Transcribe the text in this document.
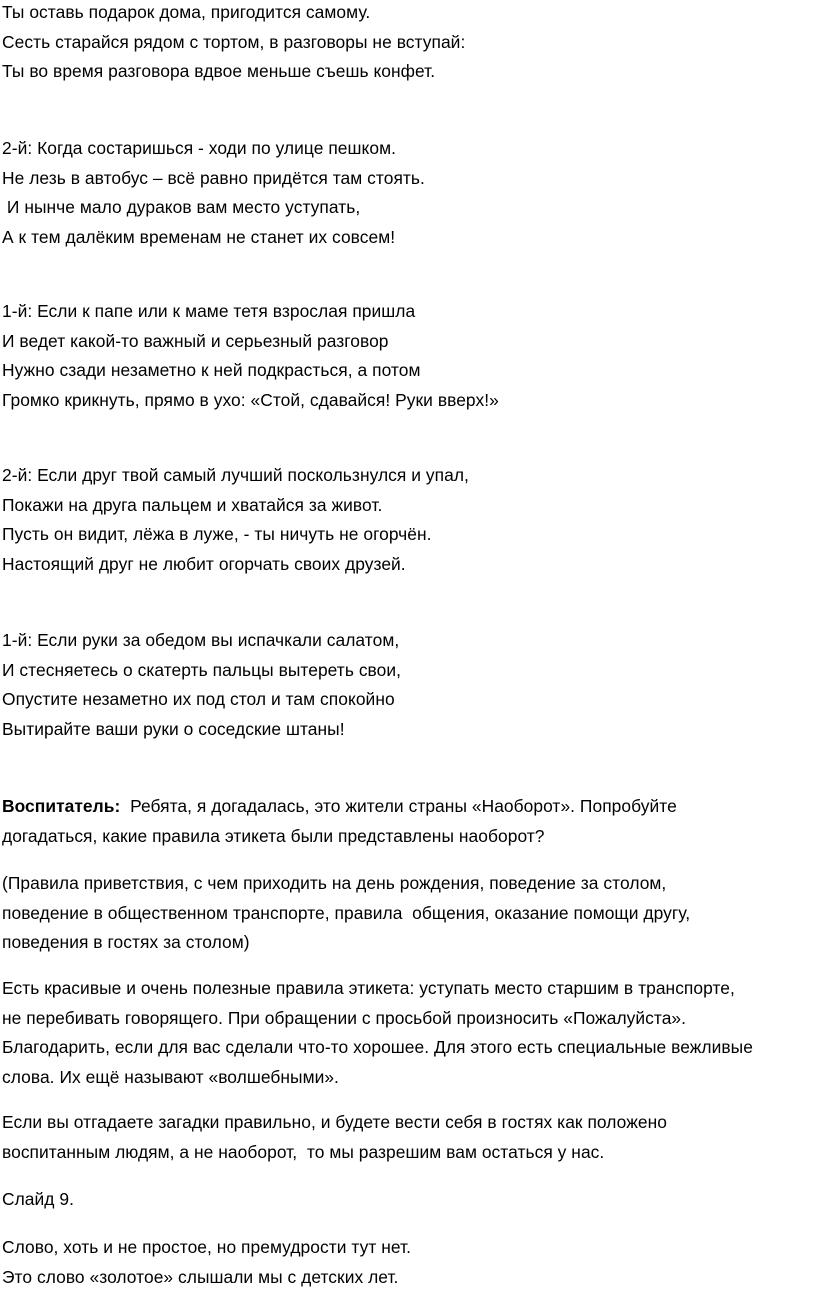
Ты оставь подарок дома, пригодится самому.
Сесть старайся рядом с тортом, в разговоры не вступай:
Ты во время разговора вдвое меньше съешь конфет.
2-й: Когда состаришься - ходи по улице пешком.
Не лезь в автобус – всё равно придётся там стоять.
И нынче мало дураков вам место уступать,
А к тем далёким временам не станет их совсем!
1-й: Если к папе или к маме тетя взрослая пришла
И ведет какой-то важный и серьезный разговор
Нужно сзади незаметно к ней подкрасться, а потом
Громко крикнуть, прямо в ухо: «Стой, сдавайся! Руки вверх!»
2-й: Если друг твой самый лучший поскользнулся и упал,
Покажи на друга пальцем и хватайся за живот.
Пусть он видит, лёжа в луже, - ты ничуть не огорчён.
Настоящий друг не любит огорчать своих друзей.
1-й: Если руки за обедом вы испачкали салатом,
И стесняетесь о скатерть пальцы вытереть свои,
Опустите незаметно их под стол и там спокойно
Вытирайте ваши руки о соседские штаны!
Воспитатель:  Ребята, я догадалась, это жители страны «Наоборот». Попробуйте
догадаться, какие правила этикета были представлены наоборот?
(Правила приветствия, с чем приходить на день рождения, поведение за столом,
поведение в общественном транспорте, правила  общения, оказание помощи другу,
поведения в гостях за столом)
Есть красивые и очень полезные правила этикета: уступать место старшим в транспорте,
не перебивать говорящего. При обращении с просьбой произносить «Пожалуйста».
Благодарить, если для вас сделали что-то хорошее. Для этого есть специальные вежливые
слова. Их ещё называют «волшебными».
Если вы отгадаете загадки правильно, и будете вести себя в гостях как положено
воспитанным людям, а не наоборот,  то мы разрешим вам остаться у нас.
Слайд 9.
Слово, хоть и не простое, но премудрости тут нет.
Это слово «золотое» слышали мы с детских лет.
